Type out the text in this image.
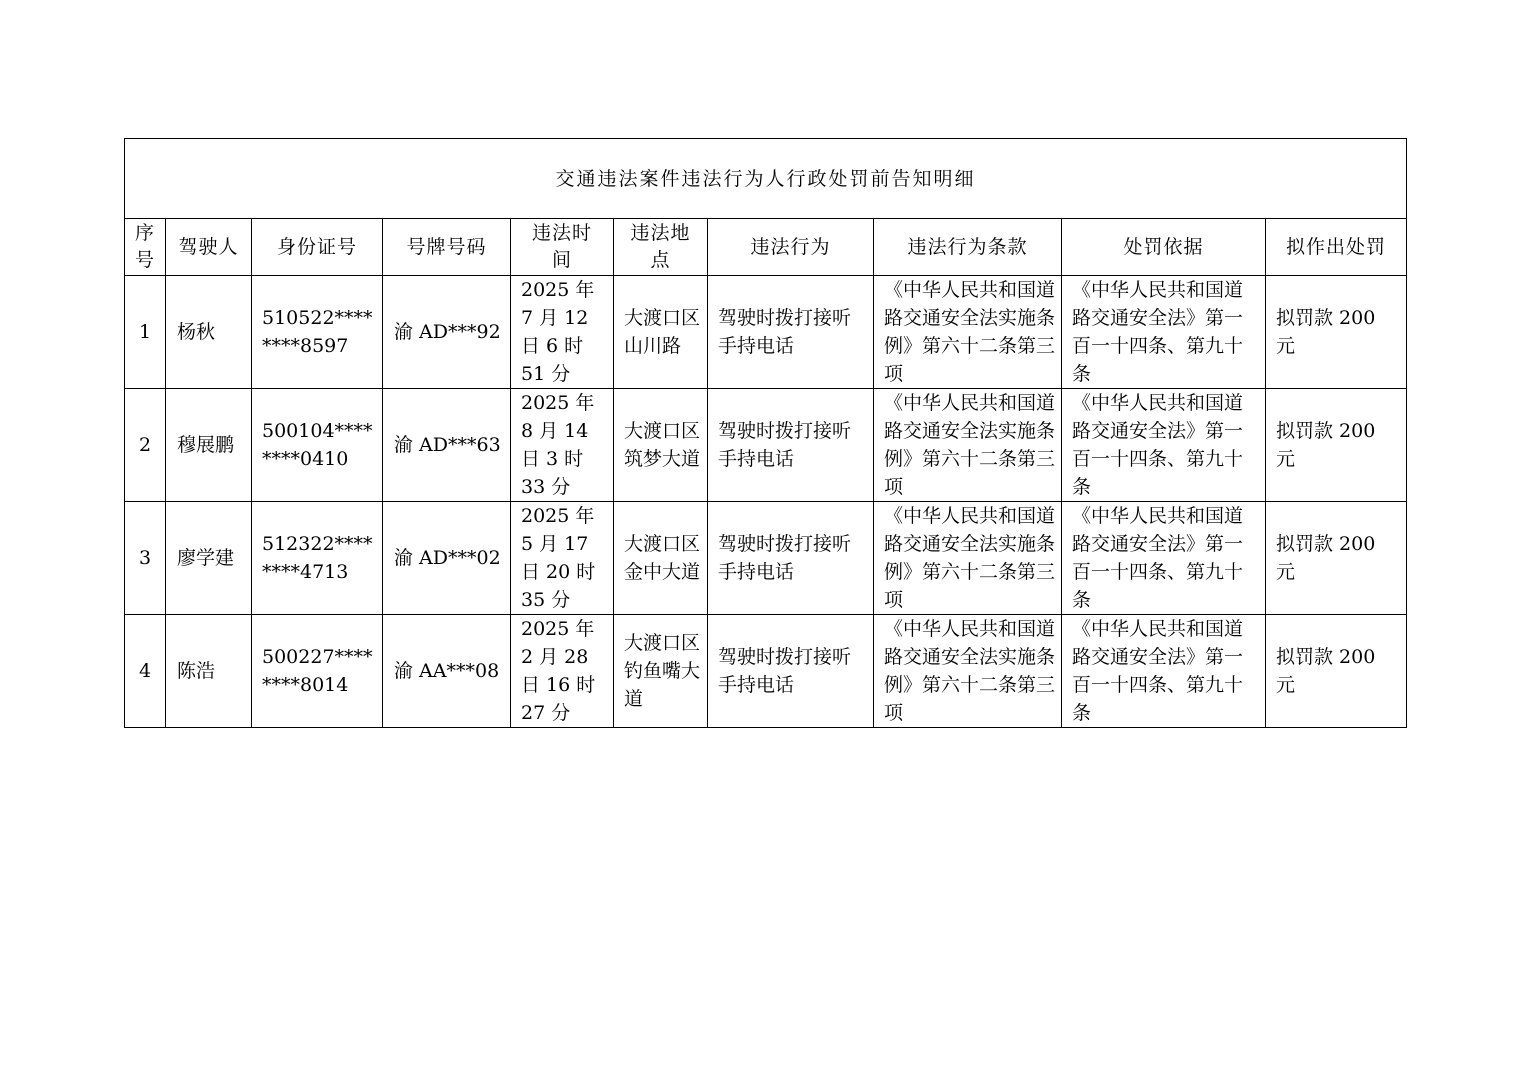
交通违法案件违法行为人行政处罚前告知明细									
序号	驾驶人	身份证号	号牌号码	违法时间	违法地点	违法行为	违法行为条款	处罚依据	拟作出处罚
1	杨秋	510522********8597	渝 AD***92	2025 年 7 月 12 日 6 时 51 分	大渡口区山川路	驾驶时拨打接听手持电话	《中华人民共和国道路交通安全法实施条例》第六十二条第三项	《中华人民共和国道路交通安全法》第一百一十四条、第九十条	拟罚款 200 元
2	穆展鹏	500104********0410	渝 AD***63	2025 年 8 月 14 日 3 时 33 分	大渡口区筑梦大道	驾驶时拨打接听手持电话	《中华人民共和国道路交通安全法实施条例》第六十二条第三项	《中华人民共和国道路交通安全法》第一百一十四条、第九十条	拟罚款 200 元
3	廖学建	512322********4713	渝 AD***02	2025 年 5 月 17 日 20 时 35 分	大渡口区金中大道	驾驶时拨打接听手持电话	《中华人民共和国道路交通安全法实施条例》第六十二条第三项	《中华人民共和国道路交通安全法》第一百一十四条、第九十条	拟罚款 200 元
4	陈浩	500227********8014	渝 AA***08	2025 年 2 月 28 日 16 时 27 分	大渡口区钓鱼嘴大道	驾驶时拨打接听手持电话	《中华人民共和国道路交通安全法实施条例》第六十二条第三项	《中华人民共和国道路交通安全法》第一百一十四条、第九十条	拟罚款 200 元
